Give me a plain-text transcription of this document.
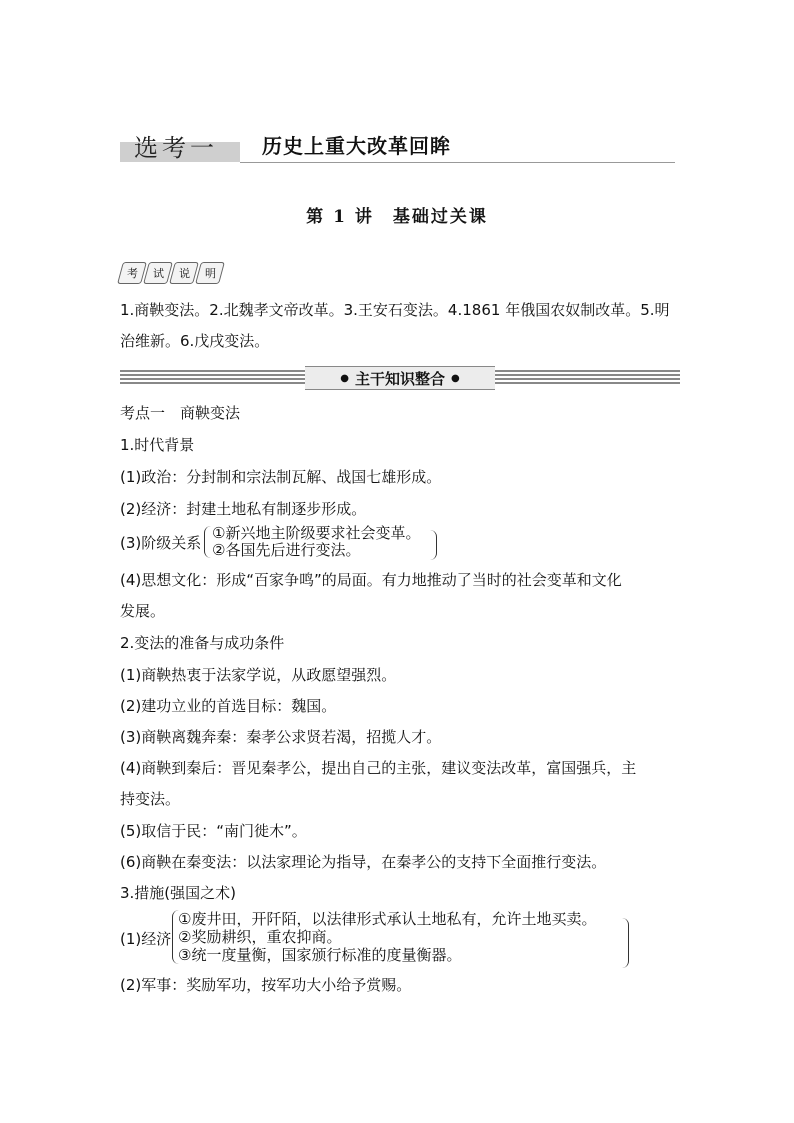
选考一 历史上重大改革回眸
第 1 讲　基础过关课
考 试 说 明
1.商鞅变法。2.北魏孝文帝改革。3.王安石变法。4.1861 年俄国农奴制改革。5.明
治维新。6.戊戌变法。
● 主干知识整合 ●
考点一　商鞅变法
1.时代背景
(1)政治：分封制和宗法制瓦解、战国七雄形成。
(2)经济：封建土地私有制逐步形成。
(3)阶级关系
①新兴地主阶级要求社会变革。
②各国先后进行变法。
(4)思想文化：形成“百家争鸣”的局面。有力地推动了当时的社会变革和文化
发展。
2.变法的准备与成功条件
(1)商鞅热衷于法家学说，从政愿望强烈。
(2)建功立业的首选目标：魏国。
(3)商鞅离魏奔秦：秦孝公求贤若渴，招揽人才。
(4)商鞅到秦后：晋见秦孝公，提出自己的主张，建议变法改革，富国强兵，主
持变法。
(5)取信于民：“南门徙木”。
(6)商鞅在秦变法：以法家理论为指导，在秦孝公的支持下全面推行变法。
3.措施(强国之术)
(1)经济
①废井田，开阡陌，以法律形式承认土地私有，允许土地买卖。
②奖励耕织，重农抑商。
③统一度量衡，国家颁行标准的度量衡器。
(2)军事：奖励军功，按军功大小给予赏赐。
